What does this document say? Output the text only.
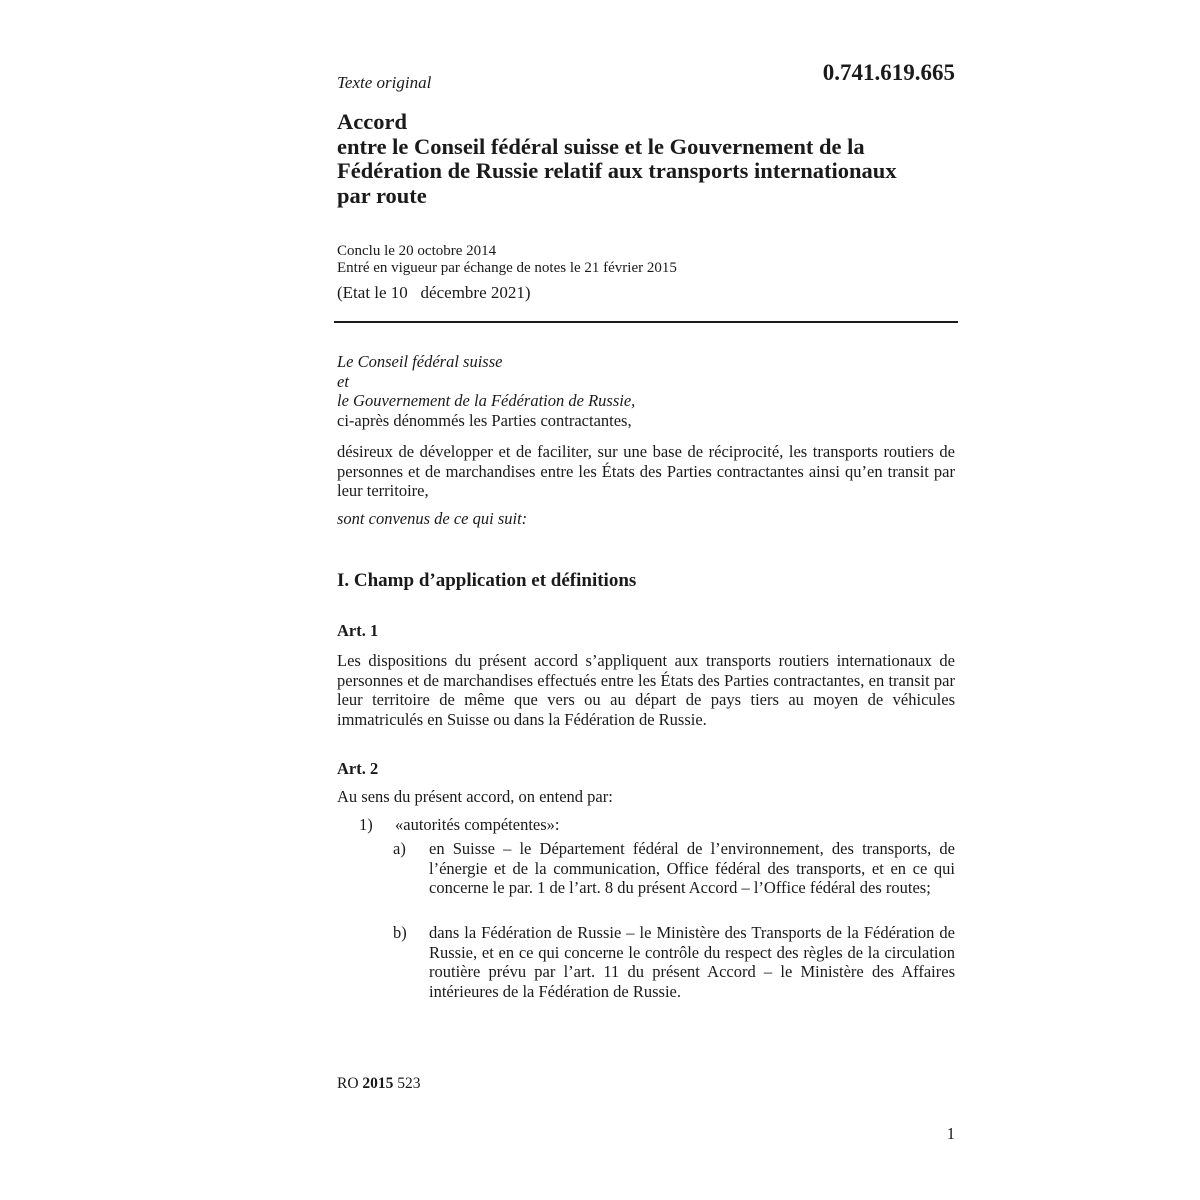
Texte original	0.741.619.665
Accord
entre le Conseil fédéral suisse et le Gouvernement de la
Fédération de Russie relatif aux transports internationaux
par route
Conclu le 20 octobre 2014
Entré en vigueur par échange de notes le 21 février 2015
(Etat le 10   décembre 2021)
Le Conseil fédéral suisse
et
le Gouvernement de la Fédération de Russie,
ci-après dénommés les Parties contractantes,
désireux de développer et de faciliter, sur une base de réciprocité, les transports routiers de personnes et de marchandises entre les États des Parties contractantes ainsi qu’en transit par leur territoire,
sont convenus de ce qui suit:
I. Champ d’application et définitions
Art. 1
Les dispositions du présent accord s’appliquent aux transports routiers internationaux de personnes et de marchandises effectués entre les États des Parties contractantes, en transit par leur territoire de même que vers ou au départ de pays tiers au moyen de véhicules immatriculés en Suisse ou dans la Fédération de Russie.
Art. 2
Au sens du présent accord, on entend par:
1) «autorités compétentes»:
a) en Suisse – le Département fédéral de l’environnement, des transports, de l’énergie et de la communication, Office fédéral des transports, et en ce qui concerne le par. 1 de l’art. 8 du présent Accord – l’Office fédéral des routes;
b) dans la Fédération de Russie – le Ministère des Transports de la Fédération de Russie, et en ce qui concerne le contrôle du respect des règles de la circulation routière prévu par l’art. 11 du présent Accord – le Ministère des Affaires intérieures de la Fédération de Russie.
RO 2015 523
1
